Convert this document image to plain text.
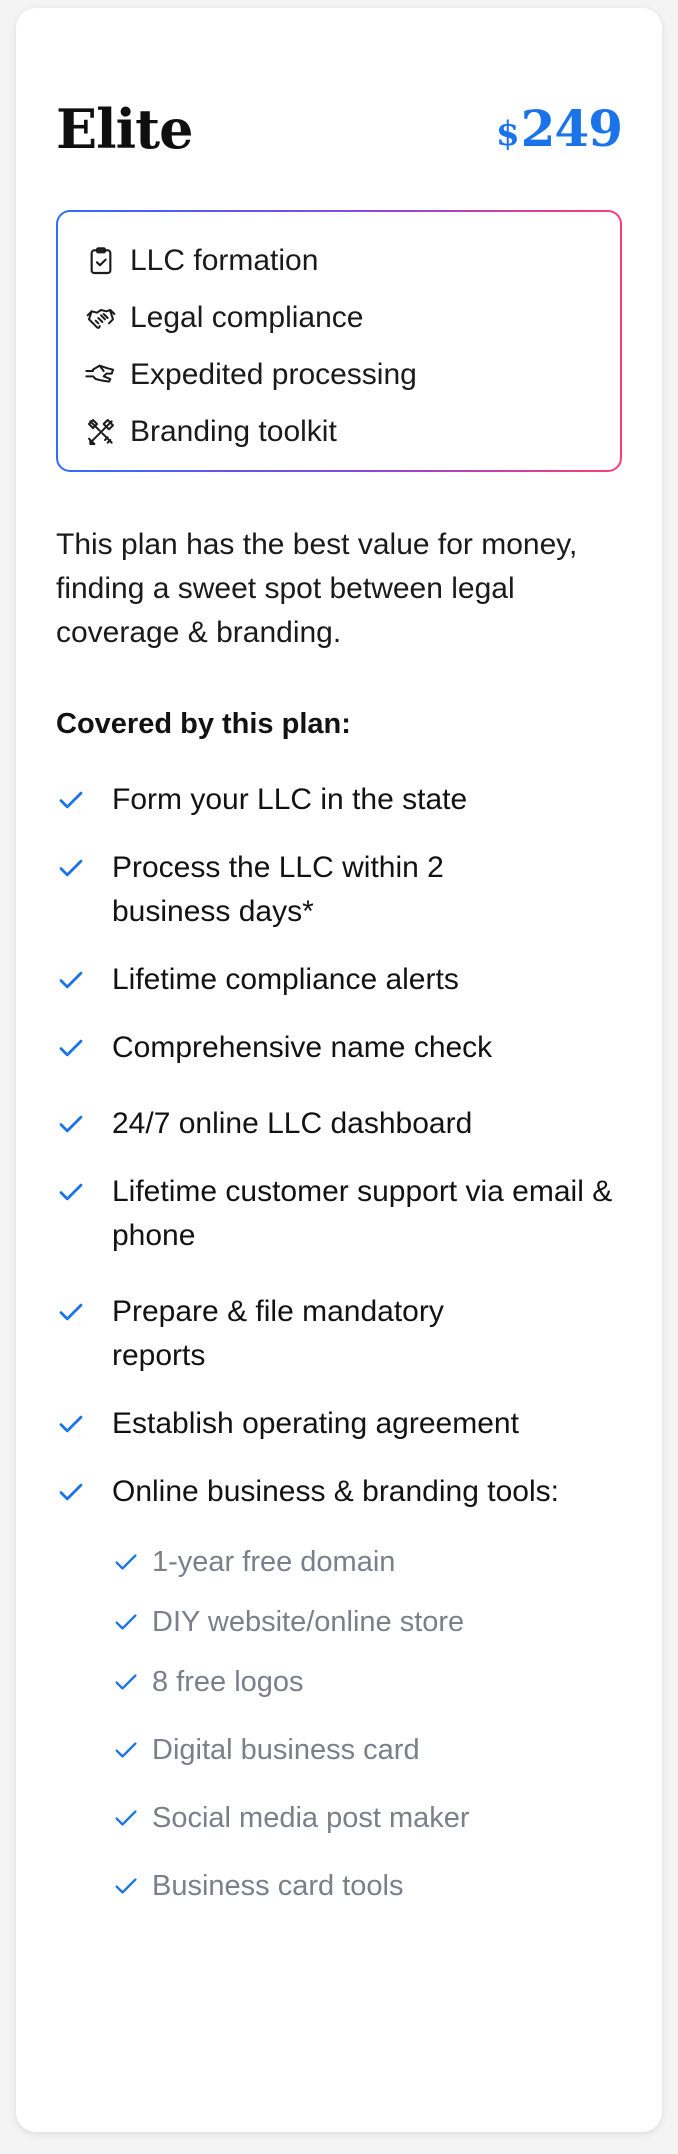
Elite	$ 249
LLC formation
Legal compliance
Expedited processing
Branding toolkit
This plan has the best value for money, finding a sweet spot between legal coverage & branding.
Covered by this plan:
Form your LLC in the state
Process the LLC within 2 business days*
Lifetime compliance alerts
Comprehensive name check
24/7 online LLC dashboard
Lifetime customer support via email & phone
Prepare & file mandatory reports
Establish operating agreement
Online business & branding tools:
1-year free domain
DIY website/online store
8 free logos
Digital business card
Social media post maker
Business card tools
